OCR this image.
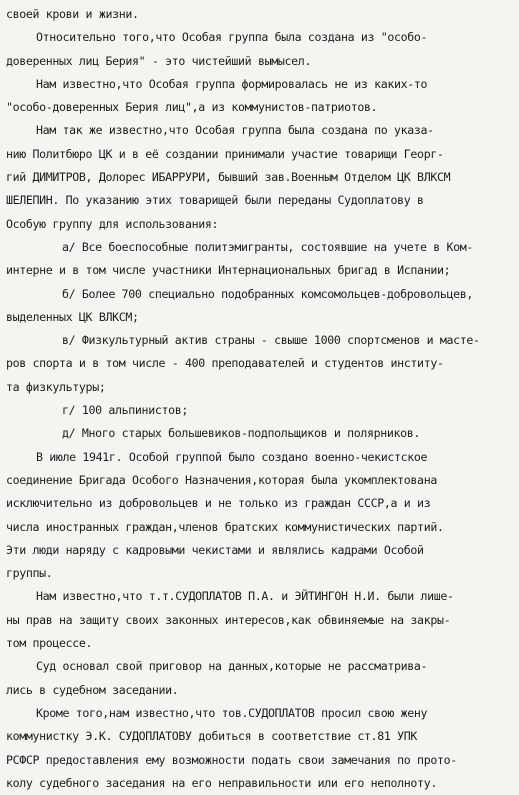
своей крови и жизни.
Относительно того,что Особая группа была создана из "особо-
доверенных лиц Берия" - это чистейший вымысел.
Нам известно,что Особая группа формировалась не из каких-то
"особо-доверенных Берия лиц",а из коммунистов-патриотов.
Нам так же известно,что Особая группа была создана по указа-
нию Политбюро ЦК и в её создании принимали участие товарищи Георг-
гий ДИМИТРОВ, Долорес ИБАРРУРИ, бывший зав.Военным Отделом ЦК ВЛКСМ
ШЕЛЕПИН. По указанию этих товарищей были переданы Судоплатову в
Особую группу для использования:
а/ Все боеспособные политэмигранты, состоявшие на учете в Ком-
интерне и в том числе участники Интернациональных бригад в Испании;
б/ Более 700 специально подобранных комсомольцев-добровольцев,
выделенных ЦК ВЛКСМ;
в/ Физкультурный актив страны - свыше 1000 спортсменов и масте-
ров спорта и в том числе - 400 преподавателей и студентов институ-
та физкультуры;
г/ 100 альпинистов;
д/ Много старых большевиков-подпольщиков и полярников.
В июле 1941г. Особой группой было создано военно-чекистское
соединение Бригада Особого Назначения,которая была укомплектована
исключительно из добровольцев и не только из граждан СССР,а и из
числа иностранных граждан,членов братских коммунистических партий.
Эти люди наряду с кадровыми чекистами и являлись кадрами Особой
группы.
Нам известно,что т.т.СУДОПЛАТОВ П.А. и ЭЙТИНГОН Н.И. были лише-
ны прав на защиту своих законных интересов,как обвиняемые на закры-
том процессе.
Суд основал свой приговор на данных,которые не рассматрива-
лись в судебном заседании.
Кроме того,нам известно,что тов.СУДОПЛАТОВ просил свою жену
коммунистку Э.К. СУДОПЛАТОВУ добиться в соответствие ст.81 УПК
РСФСР предоставления ему возможности подать свои замечания по прото-
колу судебного заседания на его неправильности или его неполноту.
